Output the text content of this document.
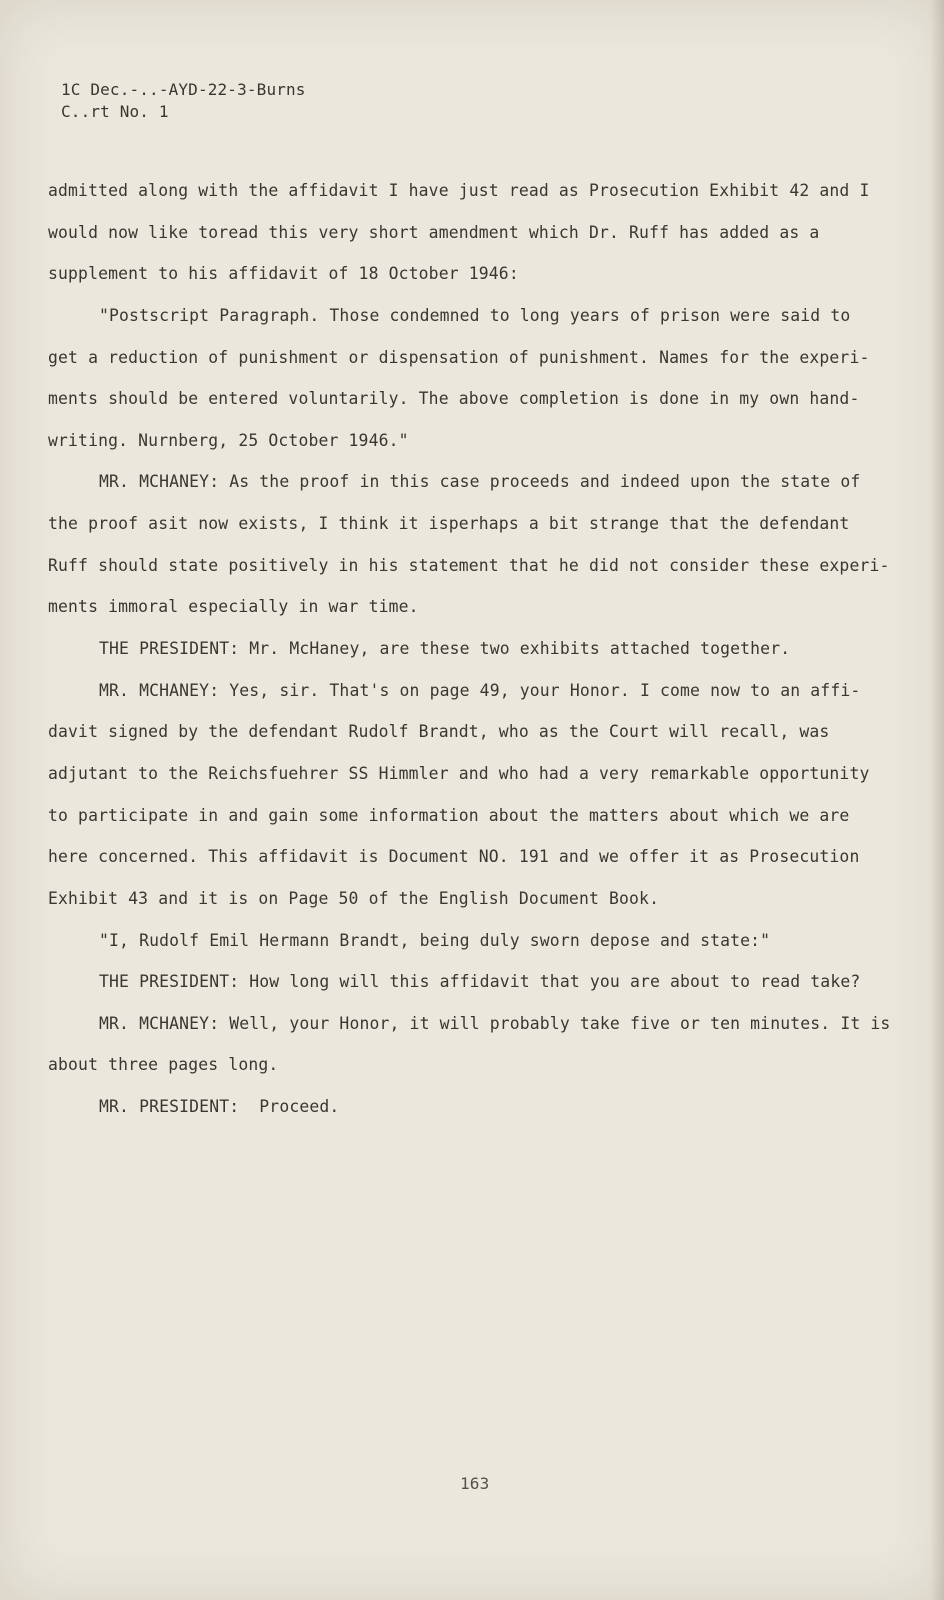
1C Dec.-..-AYD-22-3-Burns
C..rt No. 1
admitted along with the affidavit I have just read as Prosecution Exhibit 42 and I
would now like toread this very short amendment which Dr. Ruff has added as a
supplement to his affidavit of 18 October 1946:
"Postscript Paragraph. Those condemned to long years of prison were said to
get a reduction of punishment or dispensation of punishment. Names for the experi-
ments should be entered voluntarily. The above completion is done in my own hand-
writing. Nurnberg, 25 October 1946."
MR. MCHANEY: As the proof in this case proceeds and indeed upon the state of
the proof asit now exists, I think it isperhaps a bit strange that the defendant
Ruff should state positively in his statement that he did not consider these experi-
ments immoral especially in war time.
THE PRESIDENT: Mr. McHaney, are these two exhibits attached together.
MR. MCHANEY: Yes, sir. That's on page 49, your Honor. I come now to an affi-
davit signed by the defendant Rudolf Brandt, who as the Court will recall, was
adjutant to the Reichsfuehrer SS Himmler and who had a very remarkable opportunity
to participate in and gain some information about the matters about which we are
here concerned. This affidavit is Document NO. 191 and we offer it as Prosecution
Exhibit 43 and it is on Page 50 of the English Document Book.
"I, Rudolf Emil Hermann Brandt, being duly sworn depose and state:"
THE PRESIDENT: How long will this affidavit that you are about to read take?
MR. MCHANEY: Well, your Honor, it will probably take five or ten minutes. It is
about three pages long.
MR. PRESIDENT:  Proceed.
163
